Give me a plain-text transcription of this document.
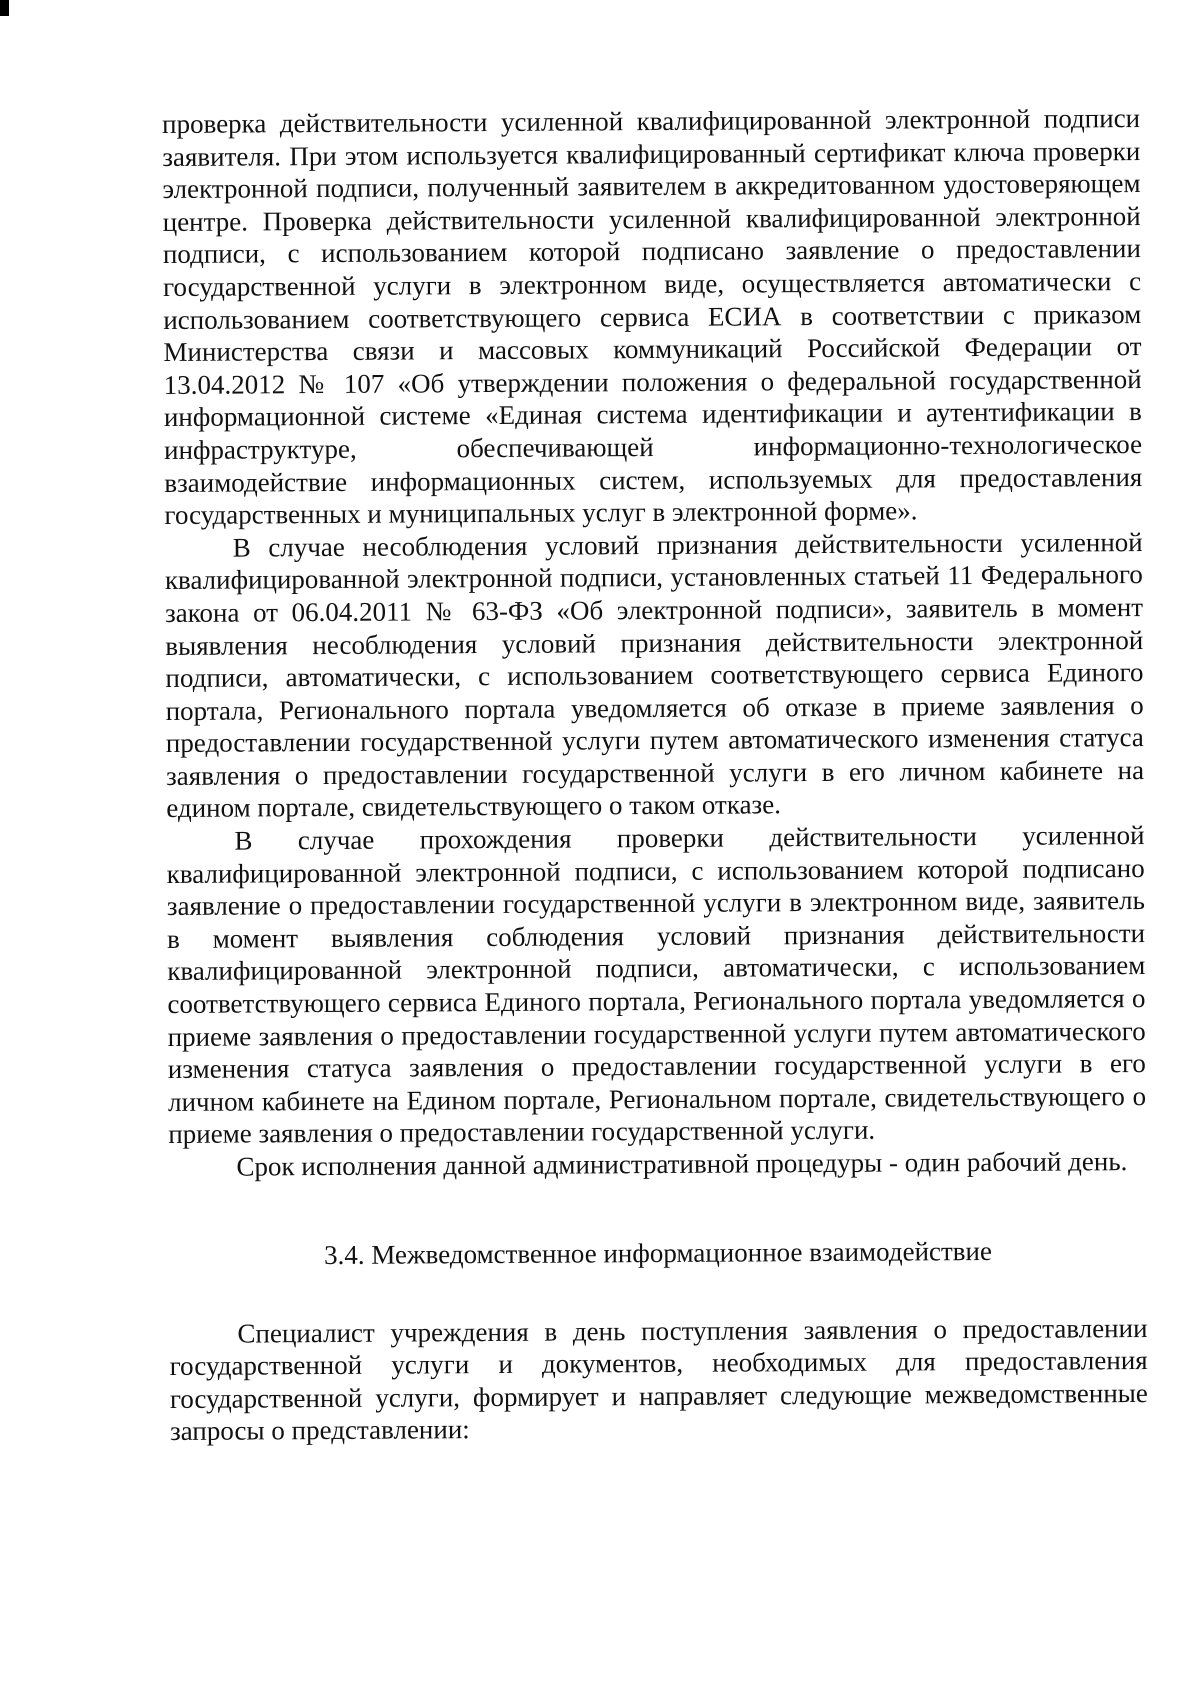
проверка действительности усиленной квалифицированной электронной подписи заявителя. При этом используется квалифицированный сертификат ключа проверки электронной подписи, полученный заявителем в аккредитованном удостоверяющем центре. Проверка действительности усиленной квалифицированной электронной подписи, с использованием которой подписано заявление о предоставлении государственной услуги в электронном виде, осуществляется автоматически с использованием соответствующего сервиса ЕСИА в соответствии с приказом Министерства связи и массовых коммуникаций Российской Федерации от 13.04.2012 № 107 «Об утверждении положения о федеральной государственной информационной системе «Единая система идентификации и аутентификации в инфраструктуре, обеспечивающей информационно-технологическое взаимодействие информационных систем, используемых для предоставления государственных и муниципальных услуг в электронной форме».

В случае несоблюдения условий признания действительности усиленной квалифицированной электронной подписи, установленных статьей 11 Федерального закона от 06.04.2011 № 63-ФЗ «Об электронной подписи», заявитель в момент выявления несоблюдения условий признания действительности электронной подписи, автоматически, с использованием соответствующего сервиса Единого портала, Регионального портала уведомляется об отказе в приеме заявления о предоставлении государственной услуги путем автоматического изменения статуса заявления о предоставлении государственной услуги в его личном кабинете на едином портале, свидетельствующего о таком отказе.

В случае прохождения проверки действительности усиленной квалифицированной электронной подписи, с использованием которой подписано заявление о предоставлении государственной услуги в электронном виде, заявитель в момент выявления соблюдения условий признания действительности квалифицированной электронной подписи, автоматически, с использованием соответствующего сервиса Единого портала, Регионального портала уведомляется о приеме заявления о предоставлении государственной услуги путем автоматического изменения статуса заявления о предоставлении государственной услуги в его личном кабинете на Едином портале, Региональном портале, свидетельствующего о приеме заявления о предоставлении государственной услуги.

Срок исполнения данной административной процедуры - один рабочий день.

3.4. Межведомственное информационное взаимодействие

Специалист учреждения в день поступления заявления о предоставлении государственной услуги и документов, необходимых для предоставления государственной услуги, формирует и направляет следующие межведомственные запросы о представлении:
